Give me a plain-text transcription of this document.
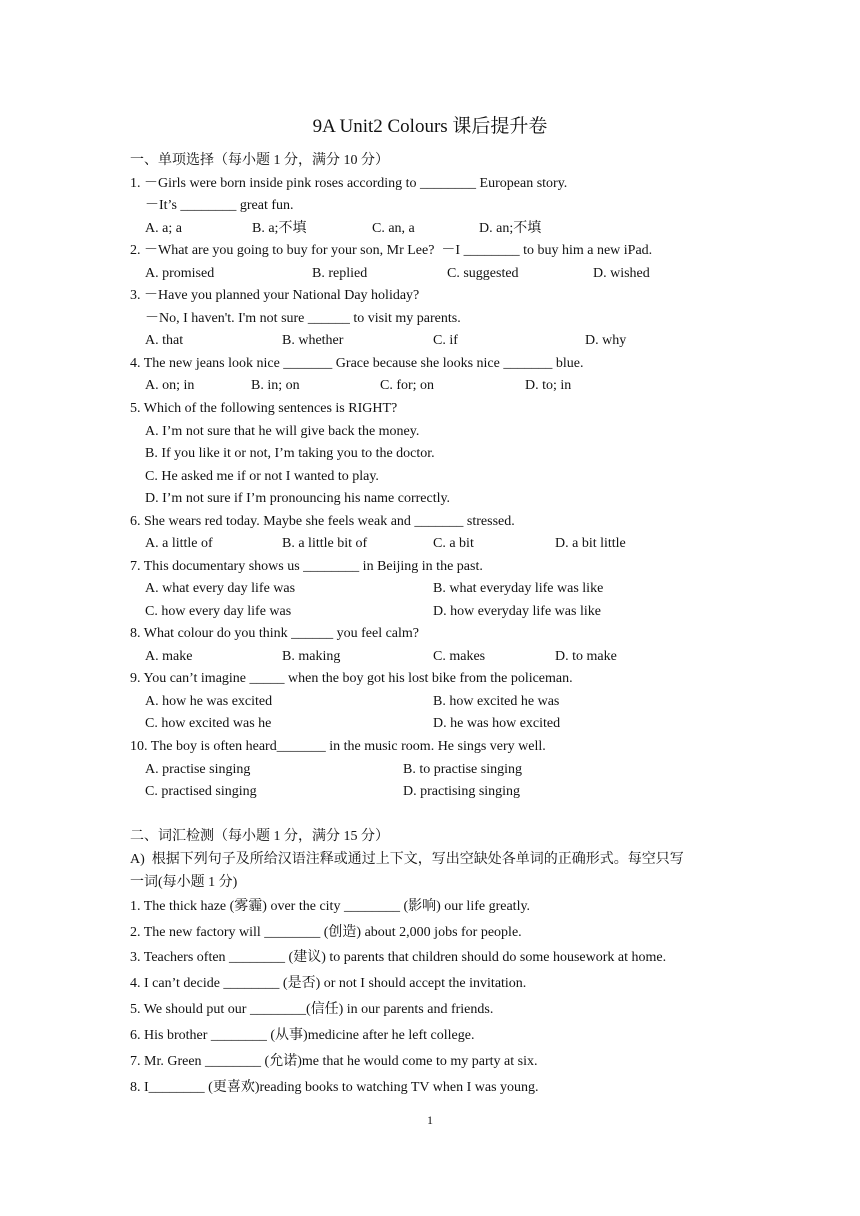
9A Unit2 Colours 课后提升卷
一、单项选择（每小题 1 分，满分 10 分）
1. －Girls were born inside pink roses according to ________ European story.
－It’s ________ great fun.
A. a; a	B. a;不填	C. an, a	D. an;不填
2. －What are you going to buy for your son, Mr Lee?  －I ________ to buy him a new iPad.
A. promised	B. replied	C. suggested	D. wished
3. －Have you planned your National Day holiday?
－No, I haven't. I'm not sure ______ to visit my parents.
A. that	B. whether	C. if	D. why
4. The new jeans look nice _______ Grace because she looks nice _______ blue.
A. on; in	B. in; on	C. for; on	D. to; in
5. Which of the following sentences is RIGHT?
A. I’m not sure that he will give back the money.
B. If you like it or not, I’m taking you to the doctor.
C. He asked me if or not I wanted to play.
D. I’m not sure if I’m pronouncing his name correctly.
6. She wears red today. Maybe she feels weak and _______ stressed.
A. a little of	B. a little bit of	C. a bit	D. a bit little
7. This documentary shows us ________ in Beijing in the past.
A. what every day life was	B. what everyday life was like
C. how every day life was	D. how everyday life was like
8. What colour do you think ______ you feel calm?
A. make	B. making	C. makes	D. to make
9. You can’t imagine _____ when the boy got his lost bike from the policeman.
A. how he was excited	B. how excited he was
C. how excited was he	D. he was how excited
10. The boy is often heard_______ in the music room. He sings very well.
A. practise singing	B. to practise singing
C. practised singing	D. practising singing
二、词汇检测（每小题 1 分，满分 15 分）
A)  根据下列句子及所给汉语注释或通过上下文，写出空缺处各单词的正确形式。每空只写
一词(每小题 1 分)
1. The thick haze (雾霾) over the city ________ (影响) our life greatly.
2. The new factory will ________ (创造) about 2,000 jobs for people.
3. Teachers often ________ (建议) to parents that children should do some housework at home.
4. I can’t decide ________ (是否) or not I should accept the invitation.
5. We should put our ________(信任) in our parents and friends.
6. His brother ________ (从事)medicine after he left college.
7. Mr. Green ________ (允诺)me that he would come to my party at six.
8. I________ (更喜欢)reading books to watching TV when I was young.
1
